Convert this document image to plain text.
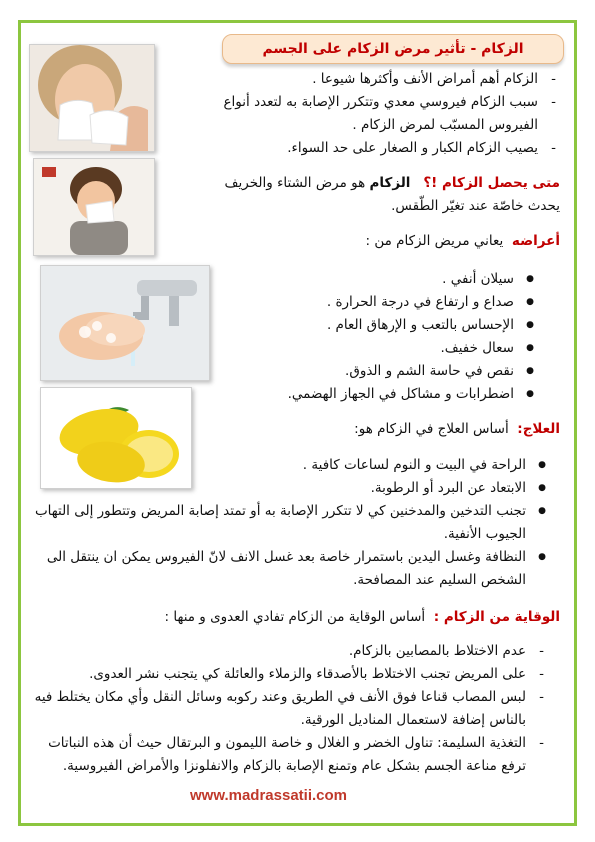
الزكام - تأثير مرض الزكام على الجسم
- الزكام أهم أمراض الأنف وأكثرها شيوعا .
- سبب الزكام فيروسي معدي وتتكرر الإصابة به لتعدد أنواع الفيروس المسبّب لمرض الزكام .
- يصيب الزكام الكبار و الصغار على حد السواء.
متى يحصل الزكام !؟   الزكام هو مرض الشتاء والخريف يحدث خاصّة عند تغيّر الطّقس.
أعراضه  يعاني مريض الزكام من :
● سيلان أنفي .
● صداع و ارتفاع في درجة الحرارة .
● الإحساس بالتعب و الإرهاق العام .
● سعال خفيف.
● نقص في حاسة الشم و الذوق.
● اضطرابات و مشاكل في الجهاز الهضمي.
العلاج:  أساس العلاج في الزكام هو:
● الراحة في البيت و النوم لساعات كافية .
● الابتعاد عن البرد أو الرطوبة.
● تجنب التدخين والمدخنين كي لا تتكرر الإصابة به أو تمتد إصابة المريض وتتطور إلى التهاب الجيوب الأنفية.
● النظافة وغسل اليدين باستمرار خاصة بعد غسل الانف لانّ الفيروس يمكن ان ينتقل الى الشخص السليم عند المصافحة.
الوقاية من الزكام :  أساس الوقاية من الزكام تفادي العدوى و منها :
- عدم الاختلاط بالمصابين بالزكام.
- على المريض تجنب الاختلاط بالأصدقاء والزملاء والعائلة كي يتجنب نشر العدوى.
- لبس المصاب قناعا فوق الأنف في الطريق وعند ركوبه وسائل النقل وأي مكان يختلط فيه بالناس إضافة لاستعمال المناديل الورقية.
- التغذية السليمة: تناول الخضر و الغلال و خاصة الليمون و البرتقال حيث أن هذه النباتات ترفع مناعة الجسم بشكل عام وتمنع الإصابة بالزكام والانفلونزا والأمراض الفيروسية.
www.madrassatii.com
